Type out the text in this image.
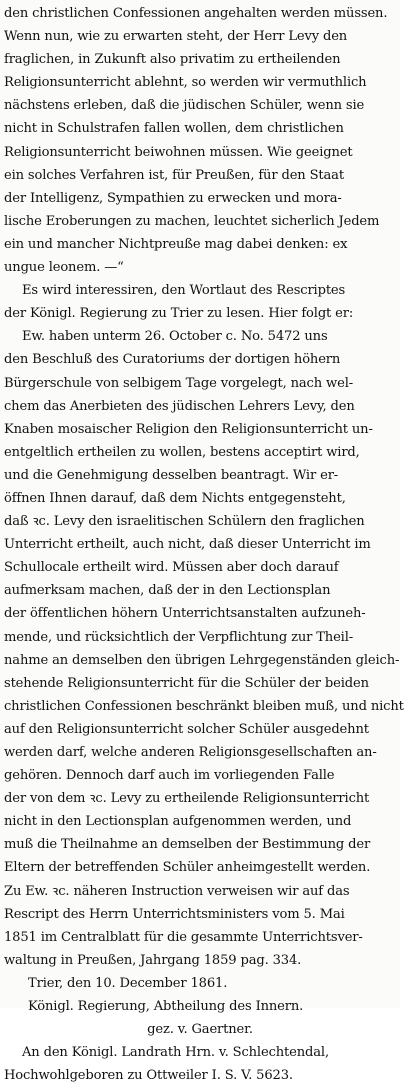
den christlichen Confessionen angehalten werden müssen.
Wenn nun, wie zu erwarten steht, der Herr Levy den
fraglichen, in Zukunft also privatim zu ertheilenden
Religionsunterricht ablehnt, so werden wir vermuthlich
nächstens erleben, daß die jüdischen Schüler, wenn sie
nicht in Schulstrafen fallen wollen, dem christlichen
Religionsunterricht beiwohnen müssen. Wie geeignet
ein solches Verfahren ist, für Preußen, für den Staat
der Intelligenz, Sympathien zu erwecken und mora-
lische Eroberungen zu machen, leuchtet sicherlich Jedem
ein und mancher Nichtpreuße mag dabei denken: ex
ungue leonem. —“
Es wird interessiren, den Wortlaut des Rescriptes
der Königl. Regierung zu Trier zu lesen. Hier folgt er:
Ew. haben unterm 26. October c. No. 5472 uns
den Beschluß des Curatoriums der dortigen höhern
Bürgerschule von selbigem Tage vorgelegt, nach wel-
chem das Anerbieten des jüdischen Lehrers Levy, den
Knaben mosaischer Religion den Religionsunterricht un-
entgeltlich ertheilen zu wollen, bestens acceptirt wird,
und die Genehmigung desselben beantragt. Wir er-
öffnen Ihnen darauf, daß dem Nichts entgegensteht,
daß ꝛc. Levy den israelitischen Schülern den fraglichen
Unterricht ertheilt, auch nicht, daß dieser Unterricht im
Schullocale ertheilt wird. Müssen aber doch darauf
aufmerksam machen, daß der in den Lectionsplan
der öffentlichen höhern Unterrichtsanstalten aufzuneh-
mende, und rücksichtlich der Verpflichtung zur Theil-
nahme an demselben den übrigen Lehrgegenständen gleich-
stehende Religionsunterricht für die Schüler der beiden
christlichen Confessionen beschränkt bleiben muß, und nicht
auf den Religionsunterricht solcher Schüler ausgedehnt
werden darf, welche anderen Religionsgesellschaften an-
gehören. Dennoch darf auch im vorliegenden Falle
der von dem ꝛc. Levy zu ertheilende Religionsunterricht
nicht in den Lectionsplan aufgenommen werden, und
muß die Theilnahme an demselben der Bestimmung der
Eltern der betreffenden Schüler anheimgestellt werden.
Zu Ew. ꝛc. näheren Instruction verweisen wir auf das
Rescript des Herrn Unterrichtsministers vom 5. Mai
1851 im Centralblatt für die gesammte Unterrichtsver-
waltung in Preußen, Jahrgang 1859 pag. 334.
Trier, den 10. December 1861.
Königl. Regierung, Abtheilung des Innern.
gez. v. Gaertner.
An den Königl. Landrath Hrn. v. Schlechtendal,
Hochwohlgeboren zu Ottweiler I. S. V. 5623.
